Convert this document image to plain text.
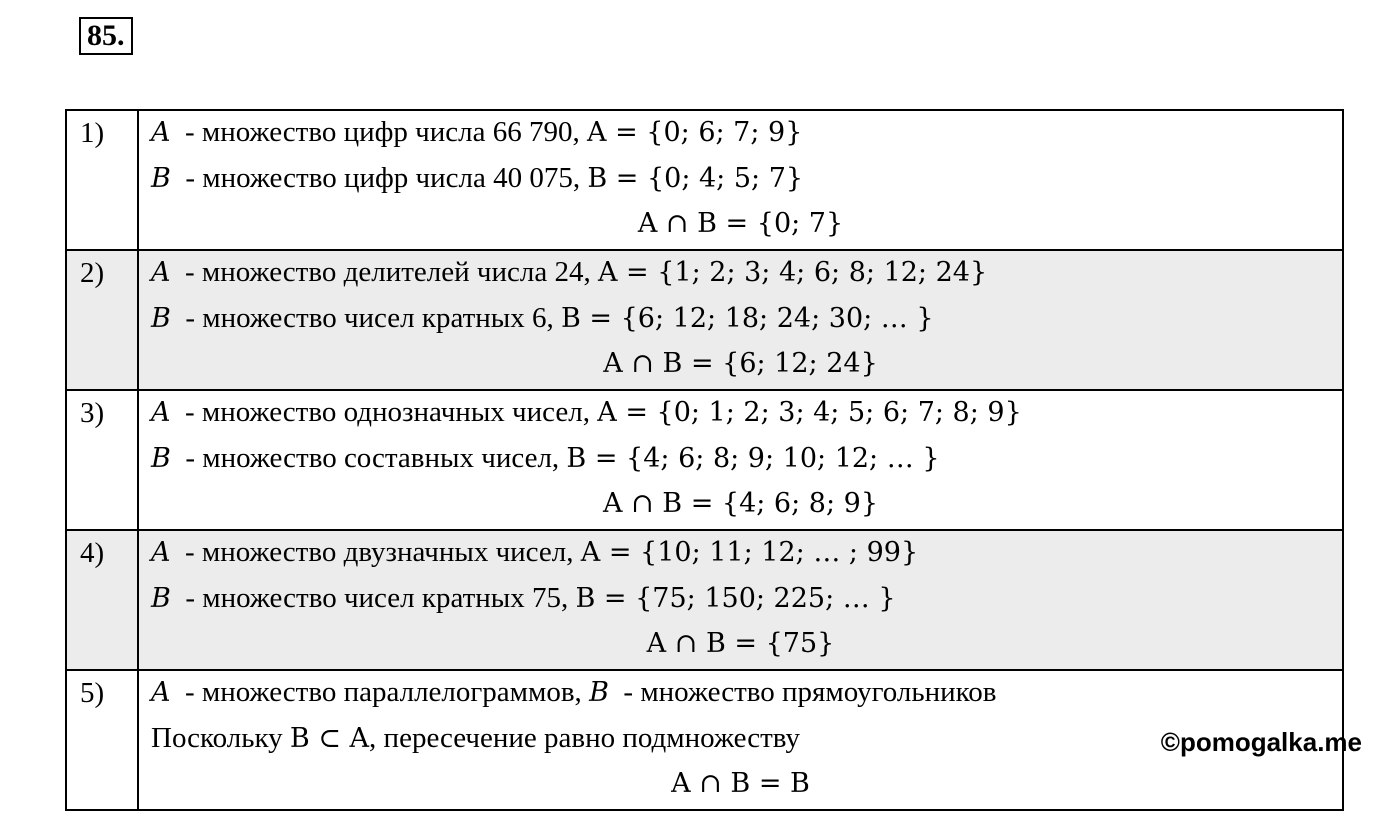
85.
1)	A  - множество цифр числа 66 790, A = {0; 6; 7; 9}
B  - множество цифр числа 40 075, B = {0; 4; 5; 7}
A ∩ B = {0; 7}

2)	A  - множество делителей числа 24, A = {1; 2; 3; 4; 6; 8; 12; 24}
B  - множество чисел кратных 6, B = {6; 12; 18; 24; 30; … }
A ∩ B = {6; 12; 24}

3)	A  - множество однозначных чисел, A = {0; 1; 2; 3; 4; 5; 6; 7; 8; 9}
B  - множество составных чисел, B = {4; 6; 8; 9; 10; 12; … }
A ∩ B = {4; 6; 8; 9}

4)	A  - множество двузначных чисел, A = {10; 11; 12; … ; 99}
B  - множество чисел кратных 75, B = {75; 150; 225; … }
A ∩ B = {75}

5)	A  - множество параллелограммов, B  - множество прямоугольников
Поскольку B ⊂ A, пересечение равно подмножеству
A ∩ B = B
©pomogalka.me
